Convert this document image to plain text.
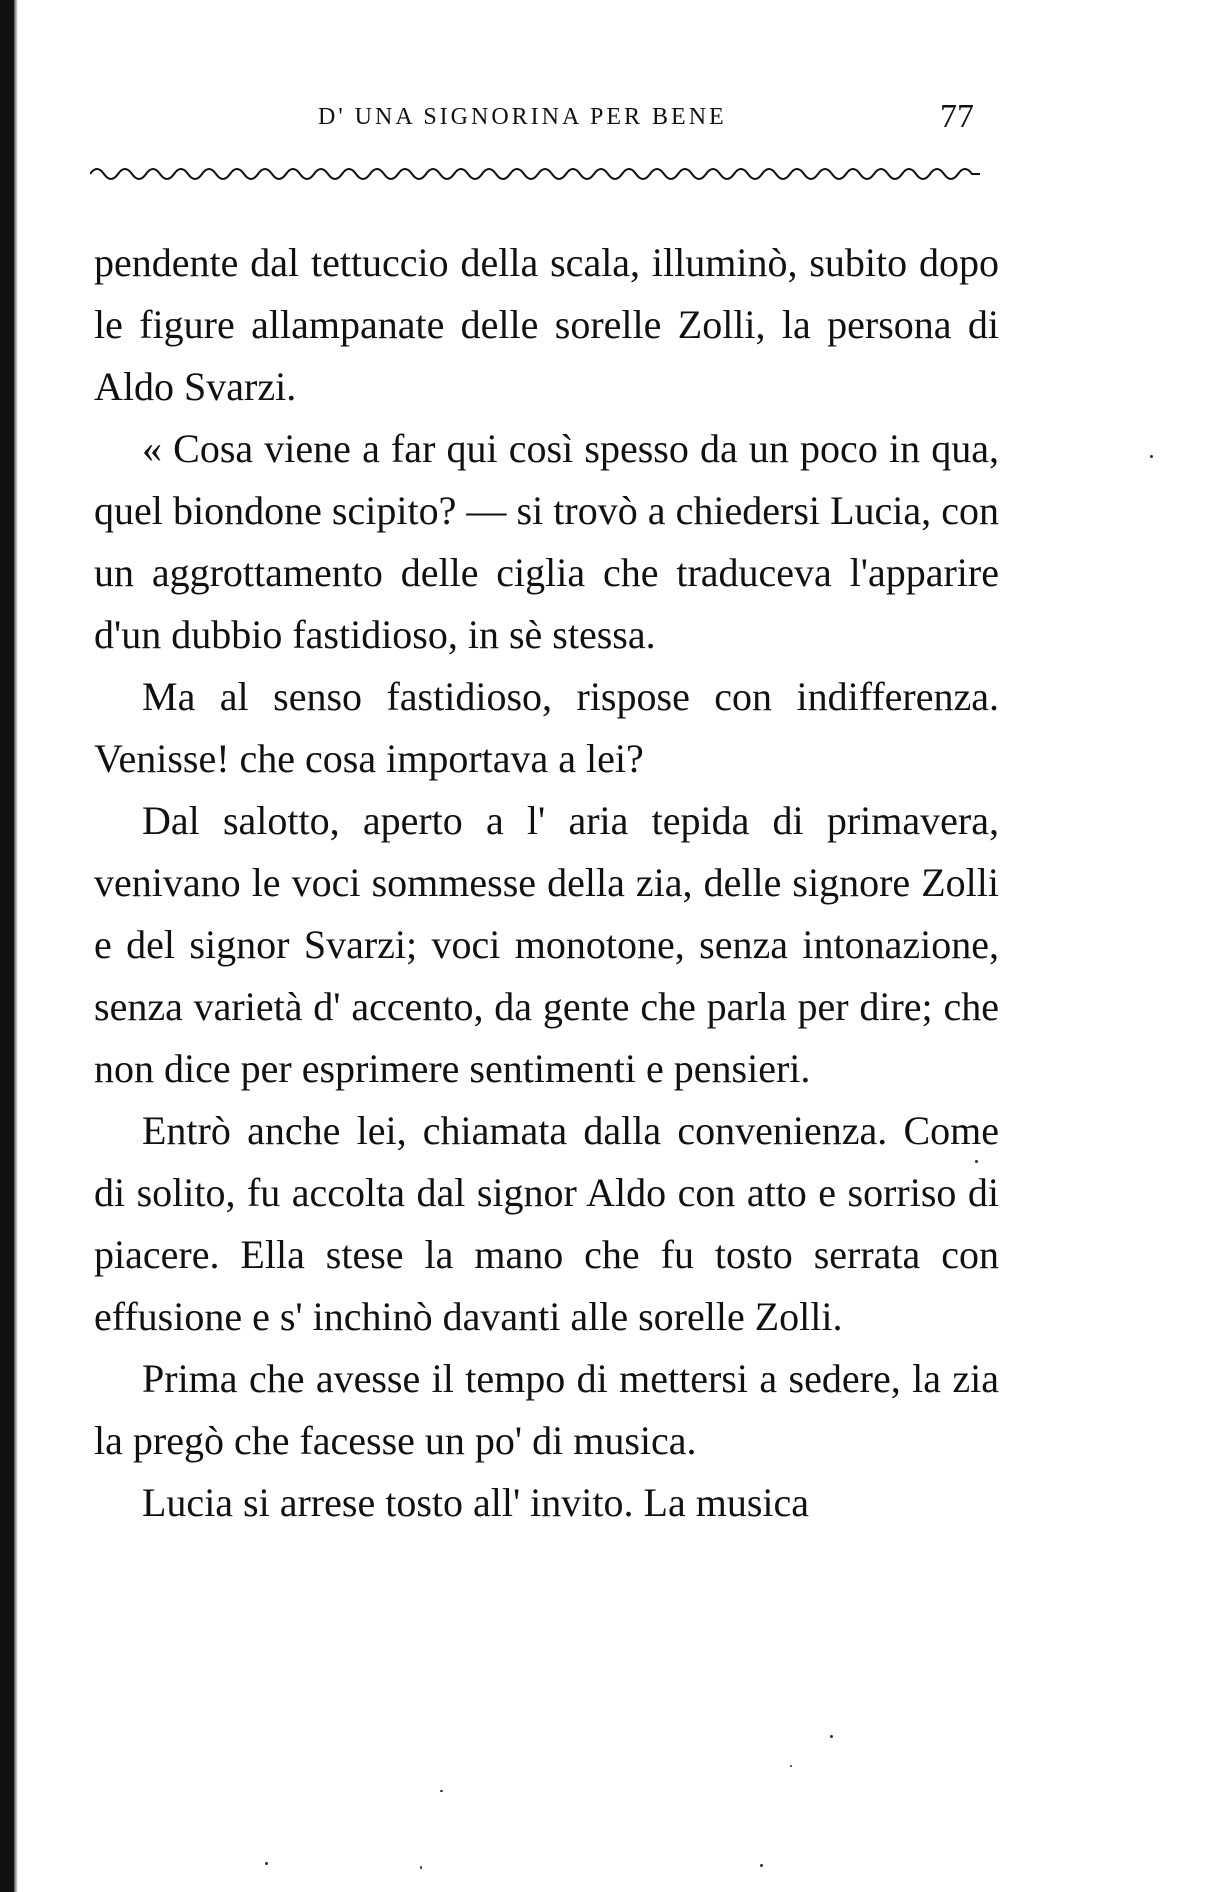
D' UNA SIGNORINA PER BENE	77

pendente dal tettuccio della scala, illuminò, subito dopo le figure allampanate delle sorelle Zolli, la persona di Aldo Svarzi.

« Cosa viene a far qui così spesso da un poco in qua, quel biondone scipito? — si trovò a chiedersi Lucia, con un aggrottamento delle ciglia che traduceva l'apparire d'un dubbio fastidioso, in sè stessa.

Ma al senso fastidioso, rispose con indifferenza. Venisse! che cosa importava a lei?

Dal salotto, aperto a l' aria tepida di primavera, venivano le voci sommesse della zia, delle signore Zolli e del signor Svarzi; voci monotone, senza intonazione, senza varietà d' accento, da gente che parla per dire; che non dice per esprimere sentimenti e pensieri.

Entrò anche lei, chiamata dalla convenienza. Come di solito, fu accolta dal signor Aldo con atto e sorriso di piacere. Ella stese la mano che fu tosto serrata con effusione e s' inchinò davanti alle sorelle Zolli.

Prima che avesse il tempo di mettersi a sedere, la zia la pregò che facesse un po' di musica.

Lucia si arrese tosto all' invito. La musica
